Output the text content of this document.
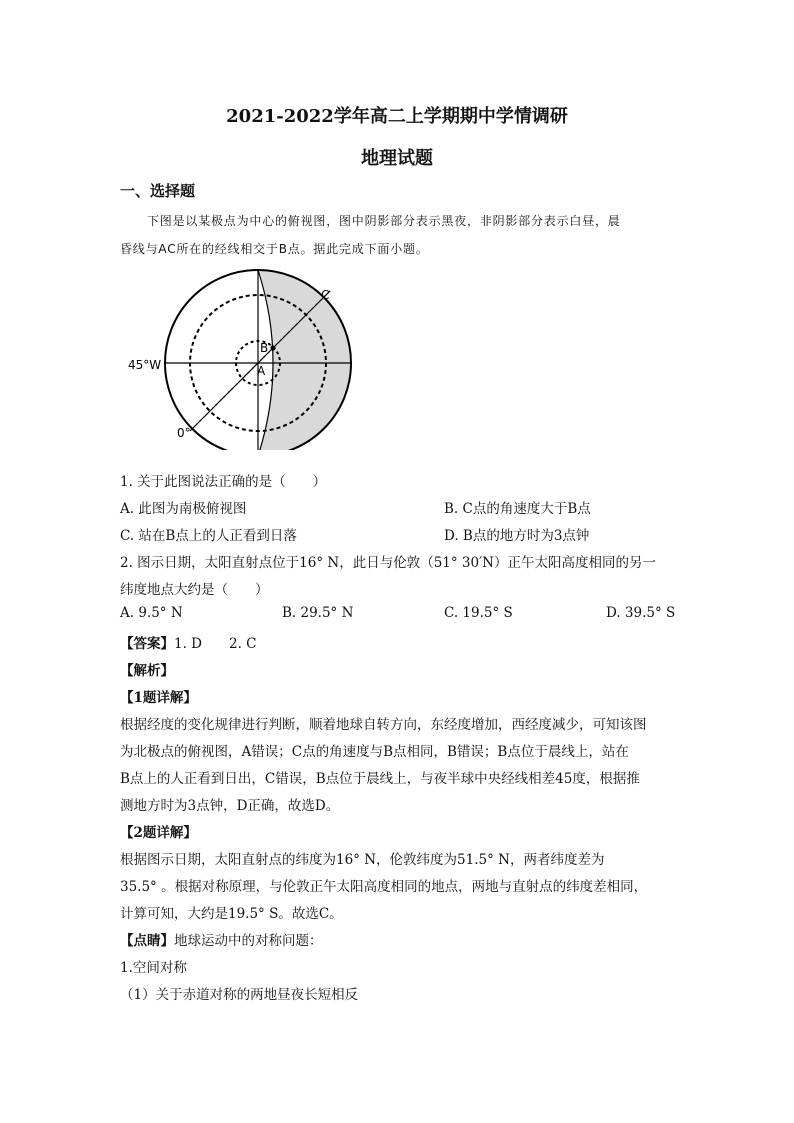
2021-2022学年高二上学期期中学情调研
地理试题
一、选择题
下图是以某极点为中心的俯视图，图中阴影部分表示黑夜，非阴影部分表示白昼，晨
昏线与AC所在的经线相交于B点。据此完成下面小题。
45°W
0°
A
B
C
1. 关于此图说法正确的是（　　）
A. 此图为南极俯视图	B. C点的角速度大于B点
C. 站在B点上的人正看到日落	D. B点的地方时为3点钟
2. 图示日期，太阳直射点位于16° N，此日与伦敦（51° 30′N）正午太阳高度相同的另一
纬度地点大约是（　　）
A. 9.5° N	B. 29.5° N	C. 19.5° S	D. 39.5° S
【答案】1. D　　2. C
【解析】
【1题详解】
根据经度的变化规律进行判断，顺着地球自转方向，东经度增加，西经度减少，可知该图
为北极点的俯视图，A错误；C点的角速度与B点相同，B错误；B点位于晨线上，站在
B点上的人正看到日出，C错误，B点位于晨线上，与夜半球中央经线相差45度，根据推
测地方时为3点钟，D正确，故选D。
【2题详解】
根据图示日期，太阳直射点的纬度为16° N，伦敦纬度为51.5° N，两者纬度差为
35.5° 。根据对称原理，与伦敦正午太阳高度相同的地点，两地与直射点的纬度差相同，
计算可知，大约是19.5° S。故选C。
【点睛】地球运动中的对称问题：
1.空间对称
（1）关于赤道对称的两地昼夜长短相反
